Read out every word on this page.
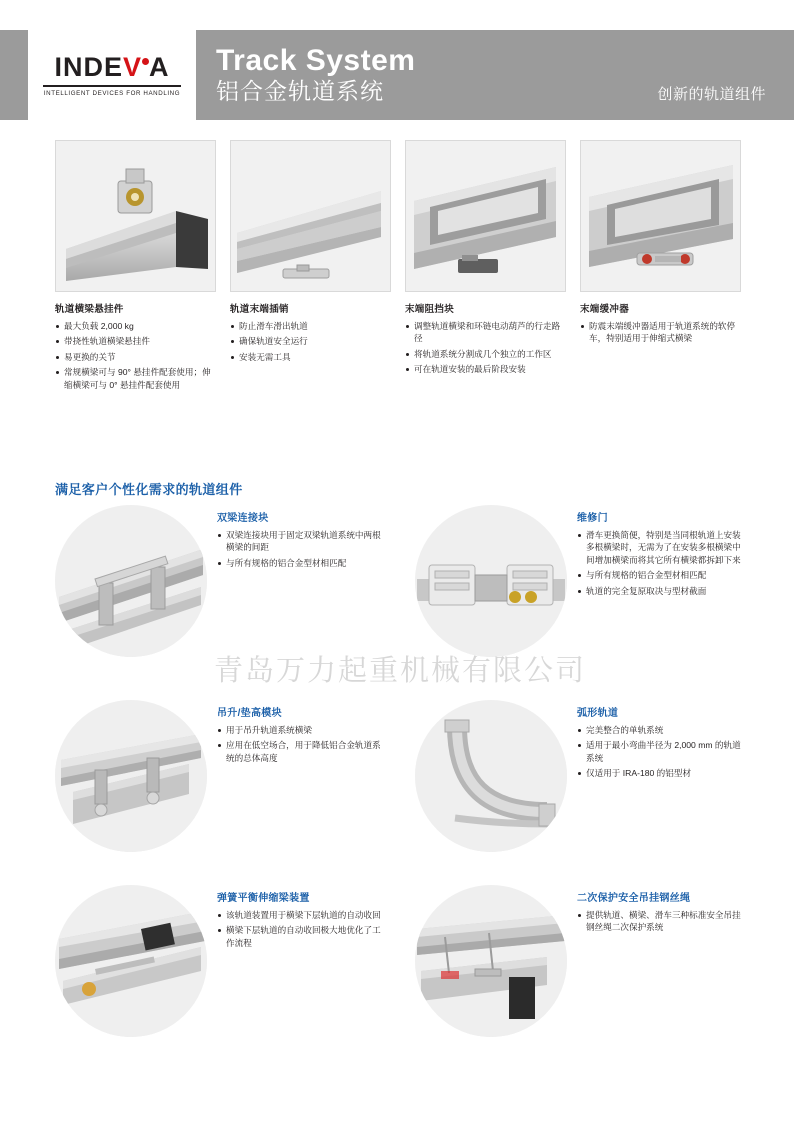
INDEV A
INTELLIGENT DEVICES FOR HANDLING
Track System
铝合金轨道系统	创新的轨道组件
轨道横梁悬挂件
最大负载 2,000 kg
带挠性轨道横梁悬挂件
易更换的关节
常规横梁可与 90° 悬挂件配套使用；伸缩横梁可与 0° 悬挂件配套使用
轨道末端插销
防止滑车滑出轨道
确保轨道安全运行
安装无需工具
末端阻挡块
调整轨道横梁和环链电动葫芦的行走路径
将轨道系统分割成几个独立的工作区
可在轨道安装的最后阶段安装
末端缓冲器
防震末端缓冲器适用于轨道系统的软停车，特别适用于伸缩式横梁
满足客户个性化需求的轨道组件
双梁连接块
双梁连接块用于固定双梁轨道系统中两根横梁的间距
与所有规格的铝合金型材相匹配
维修门
滑车更换简便，特别是当同根轨道上安装多根横梁时，无需为了在安装多根横梁中间增加横梁而将其它所有横梁都拆卸下来
与所有规格的铝合金型材相匹配
轨道的完全复原取决与型材截面
吊升/垫高模块
用于吊升轨道系统横梁
应用在低空场合，用于降低铝合金轨道系统的总体高度
弧形轨道
完美整合的单轨系统
适用于最小弯曲半径为 2,000 mm 的轨道系统
仅适用于 IRA-180 的铝型材
弹簧平衡伸缩梁装置
该轨道装置用于横梁下层轨道的自动收回
横梁下层轨道的自动收回极大地优化了工作流程
二次保护安全吊挂钢丝绳
提供轨道、横梁、滑车三种标准安全吊挂钢丝绳二次保护系统
青岛万力起重机械有限公司
